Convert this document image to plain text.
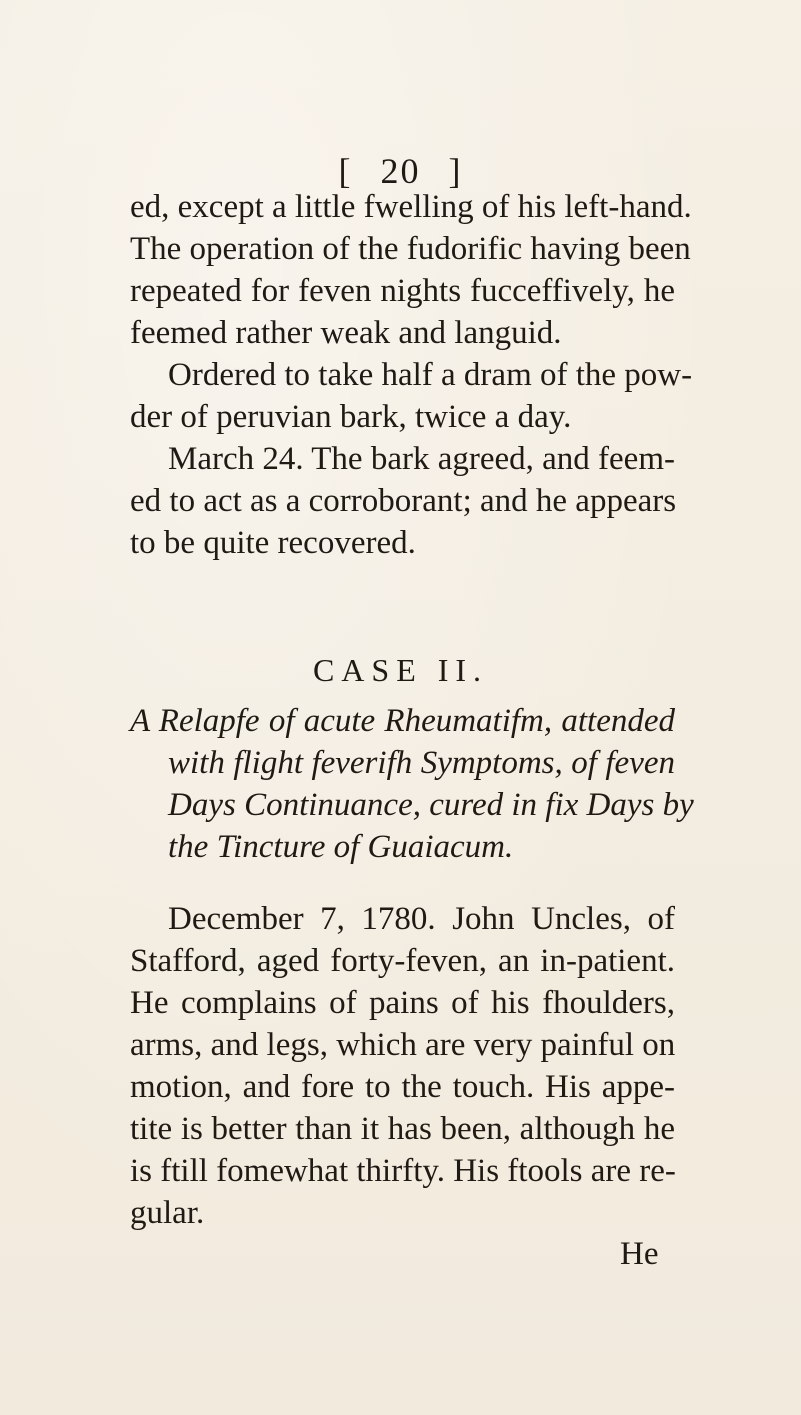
[ 20 ]
ed, except a little fwelling of his left-hand.
The operation of the fudorific having been
repeated for feven nights fucceffively, he
feemed rather weak and languid.
Ordered to take half a dram of the pow-
der of peruvian bark, twice a day.
March 24. The bark agreed, and feem-
ed to act as a corroborant; and he appears
to be quite recovered.
CASE II.
A Relapfe of acute Rheumatifm, attended
with flight feverifh Symptoms, of feven
Days Continuance, cured in fix Days by
the Tincture of Guaiacum.
December 7, 1780. John Uncles, of
Stafford, aged forty-feven, an in-patient.
He complains of pains of his fhoulders,
arms, and legs, which are very painful on
motion, and fore to the touch. His appe-
tite is better than it has been, although he
is ftill fomewhat thirfty. His ftools are re-
gular.
He
